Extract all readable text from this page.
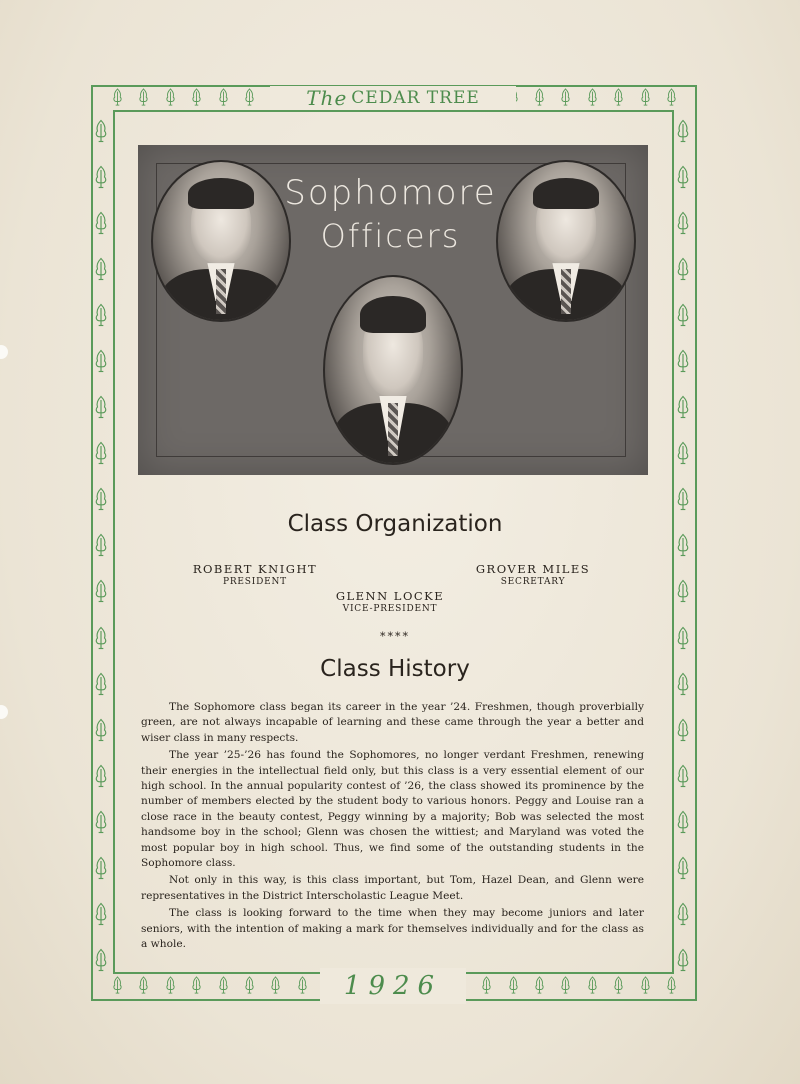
The CEDAR TREE
1926
Sophomore
Officers
Class Organization
ROBERT KNIGHT
PRESIDENT
GLENN LOCKE
VICE-PRESIDENT
GROVER MILES
SECRETARY
****
Class History

The Sophomore class began its career in the year ’24. Freshmen, though proverbially green, are not always incapable of learning and these came through the year a better and wiser class in many respects.

The year ’25-’26 has found the Sophomores, no longer verdant Freshmen, renewing their energies in the intellectual field only, but this class is a very essential element of our high school. In the annual popularity contest of ’26, the class showed its prominence by the number of members elected by the student body to various honors. Peggy and Louise ran a close race in the beauty contest, Peggy winning by a majority; Bob was selected the most handsome boy in the school; Glenn was chosen the wittiest; and Maryland was voted the most popular boy in high school. Thus, we find some of the outstanding students in the Sophomore class.

Not only in this way, is this class important, but Tom, Hazel Dean, and Glenn were representatives in the District Interscholastic League Meet.

The class is looking forward to the time when they may become juniors and later seniors, with the intention of making a mark for themselves individually and for the class as a whole.
